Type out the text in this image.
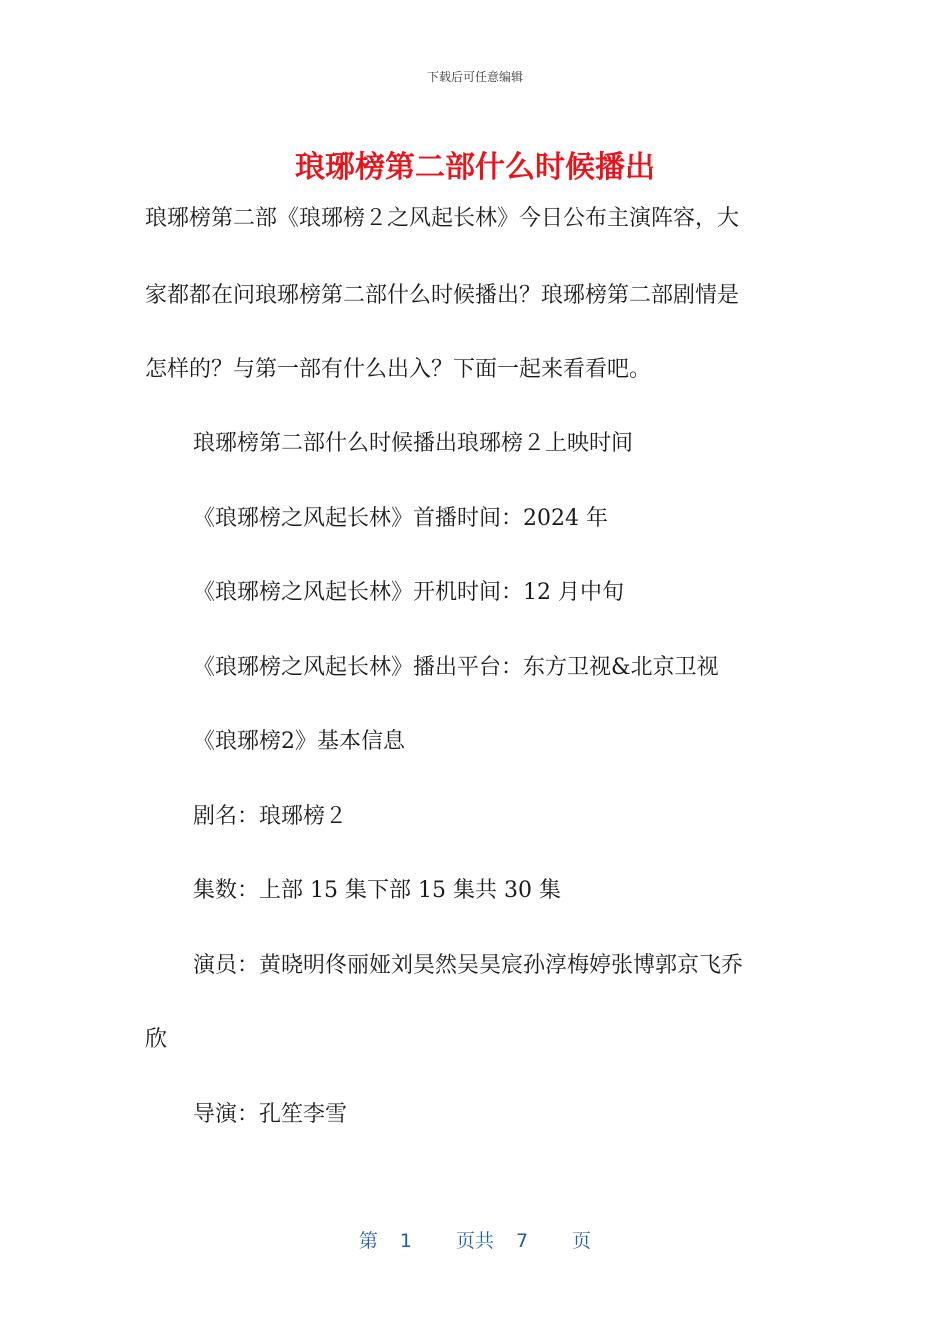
下载后可任意编辑
琅琊榜第二部什么时候播出
琅琊榜第二部《琅琊榜２之风起长林》今日公布主演阵容，大
家都都在问琅琊榜第二部什么时候播出？琅琊榜第二部剧情是
怎样的？与第一部有什么出入？下面一起来看看吧。
琅琊榜第二部什么时候播出琅琊榜２上映时间
《琅琊榜之风起长林》首播时间：2024 年
《琅琊榜之风起长林》开机时间：12 月中旬
《琅琊榜之风起长林》播出平台：东方卫视&北京卫视
《琅琊榜2》基本信息
剧名：琅琊榜２
集数：上部 15 集下部 15 集共 30 集
演员：黄晓明佟丽娅刘昊然吴昊宸孙淳梅婷张博郭京飞乔
欣
导演：孔笙李雪
第 1 页共 7 页
